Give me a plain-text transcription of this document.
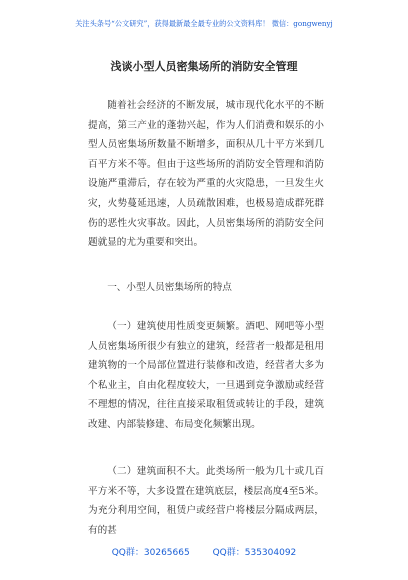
关注头条号“公文研究”，获得最新最全最专业的公文资料库！ 微信：gongwenyj
浅谈小型人员密集场所的消防安全管理

随着社会经济的不断发展，城市现代化水平的不断提高，第三产业的蓬勃兴起，作为人们消费和娱乐的小型人员密集场所数量不断增多，面积从几十平方米到几百平方米不等。但由于这些场所的消防安全管理和消防设施严重滞后，存在较为严重的火灾隐患，一旦发生火灾，火势蔓延迅速，人员疏散困难，也极易造成群死群伤的恶性火灾事故。因此，人员密集场所的消防安全问题就显的尤为重要和突出。

一、小型人员密集场所的特点

（一）建筑使用性质变更频繁。酒吧、网吧等小型人员密集场所很少有独立的建筑，经营者一般都是租用建筑物的一个局部位置进行装修和改造，经营者大多为个私业主，自由化程度较大，一旦遇到竞争激励或经营不理想的情况，往往直接采取租赁或转让的手段，建筑改建、内部装修建、布局变化频繁出现。

（二）建筑面积不大。此类场所一般为几十或几百平方米不等，大多设置在建筑底层，楼层高度4至5米。为充分利用空间，租赁户或经营户将楼层分隔成两层，有的甚

QQ群：30265665	QQ群：535304092
